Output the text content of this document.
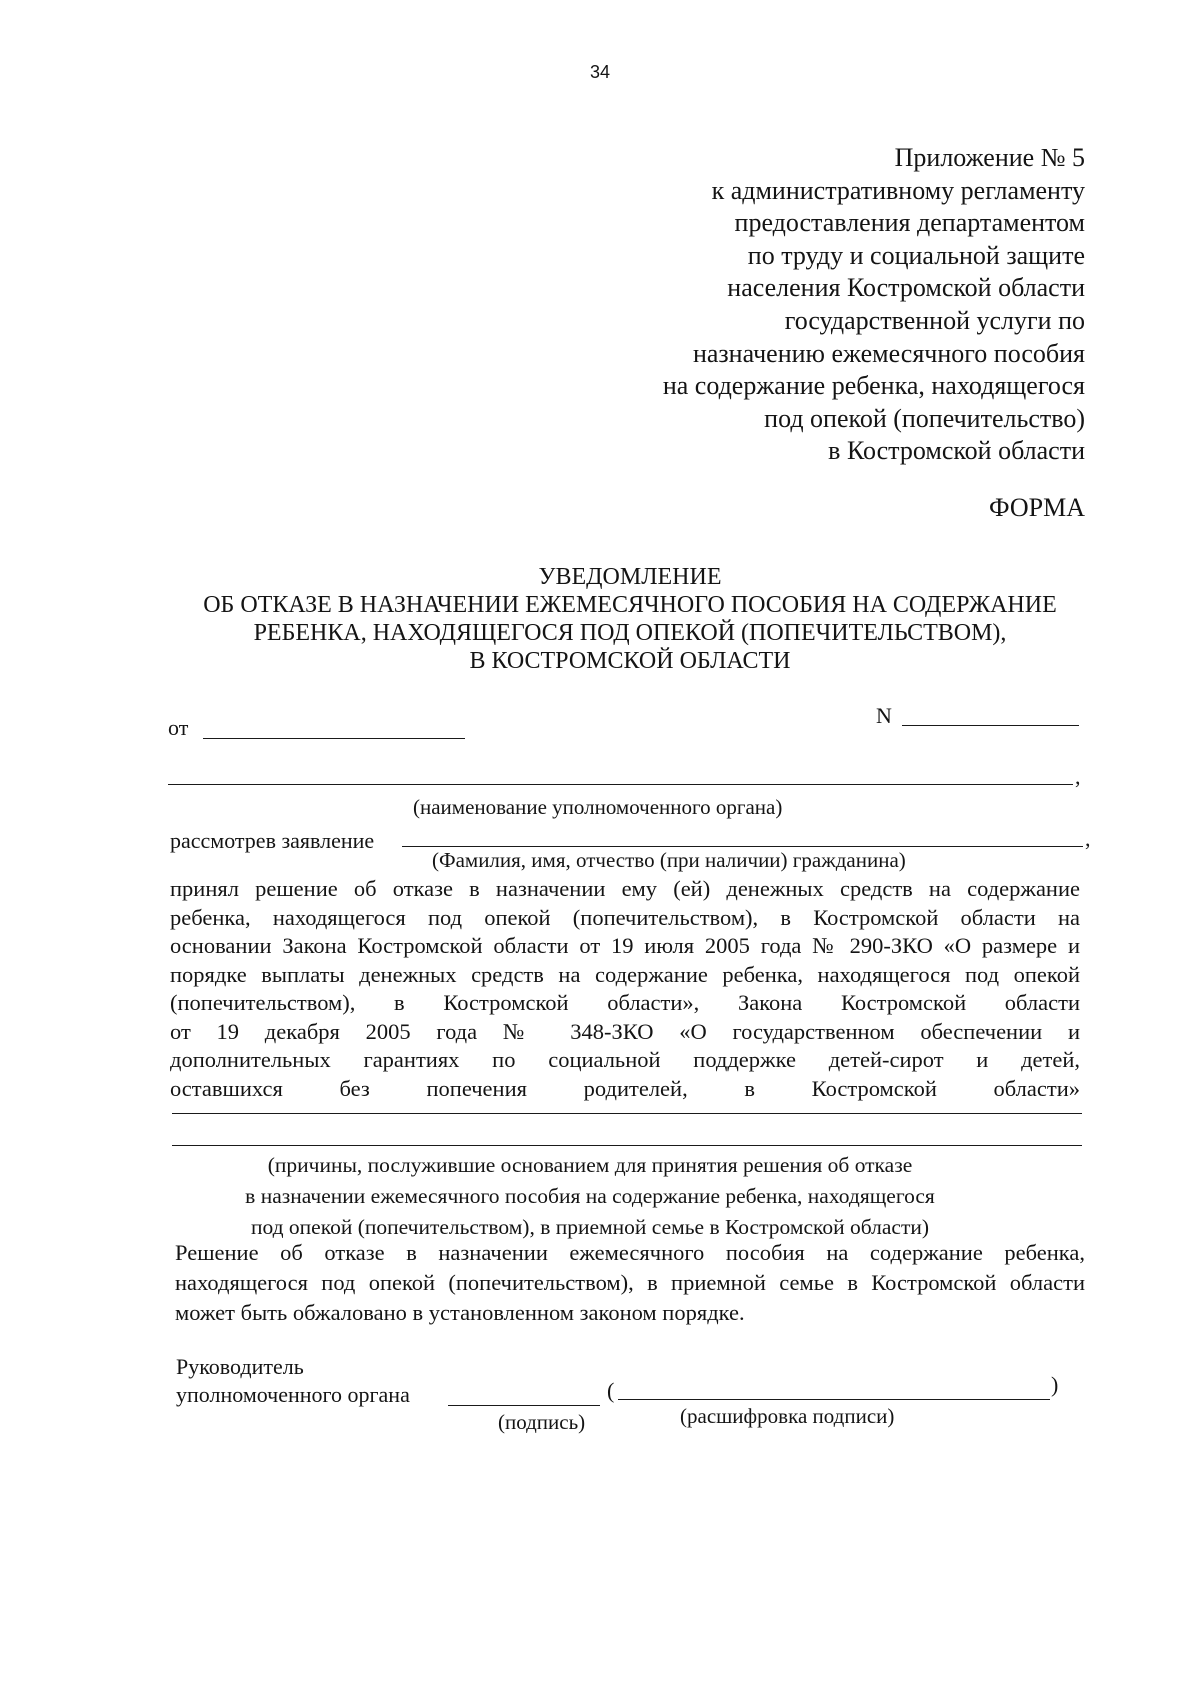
34
Приложение № 5
к административному регламенту
предоставления департаментом
по труду и социальной защите
населения Костромской области
государственной услуги по
назначению ежемесячного пособия
на содержание ребенка, находящегося
под опекой (попечительство)
в Костромской области
ФОРМА
УВЕДОМЛЕНИЕ
ОБ ОТКАЗЕ В НАЗНАЧЕНИИ ЕЖЕМЕСЯЧНОГО ПОСОБИЯ НА СОДЕРЖАНИЕ
РЕБЕНКА, НАХОДЯЩЕГОСЯ ПОД ОПЕКОЙ (ПОПЕЧИТЕЛЬСТВОМ),
В КОСТРОМСКОЙ ОБЛАСТИ
от	N
,
(наименование уполномоченного органа)
рассмотрев заявление	,
(Фамилия, имя, отчество (при наличии) гражданина)
принял решение об отказе в назначении ему (ей) денежных средств на содержание
ребенка, находящегося под опекой (попечительством), в Костромской области на
основании Закона Костромской области от 19 июля 2005 года № 290-ЗКО «О размере и
порядке выплаты денежных средств на содержание ребенка, находящегося под опекой
(попечительством), в Костромской области», Закона Костромской области
от 19 декабря 2005 года № 348-ЗКО «О государственном обеспечении и
дополнительных гарантиях по социальной поддержке детей-сирот и детей,
оставшихся без попечения родителей, в Костромской области»
(причины, послужившие основанием для принятия решения об отказе
в назначении ежемесячного пособия на содержание ребенка, находящегося
под опекой (попечительством), в приемной семье в Костромской области)
Решение об отказе в назначении ежемесячного пособия на содержание ребенка,
находящегося под опекой (попечительством), в приемной семье в Костромской области
может быть обжаловано в установленном законом порядке.
Руководитель
уполномоченного органа	(	)
(подпись)	(расшифровка подписи)
